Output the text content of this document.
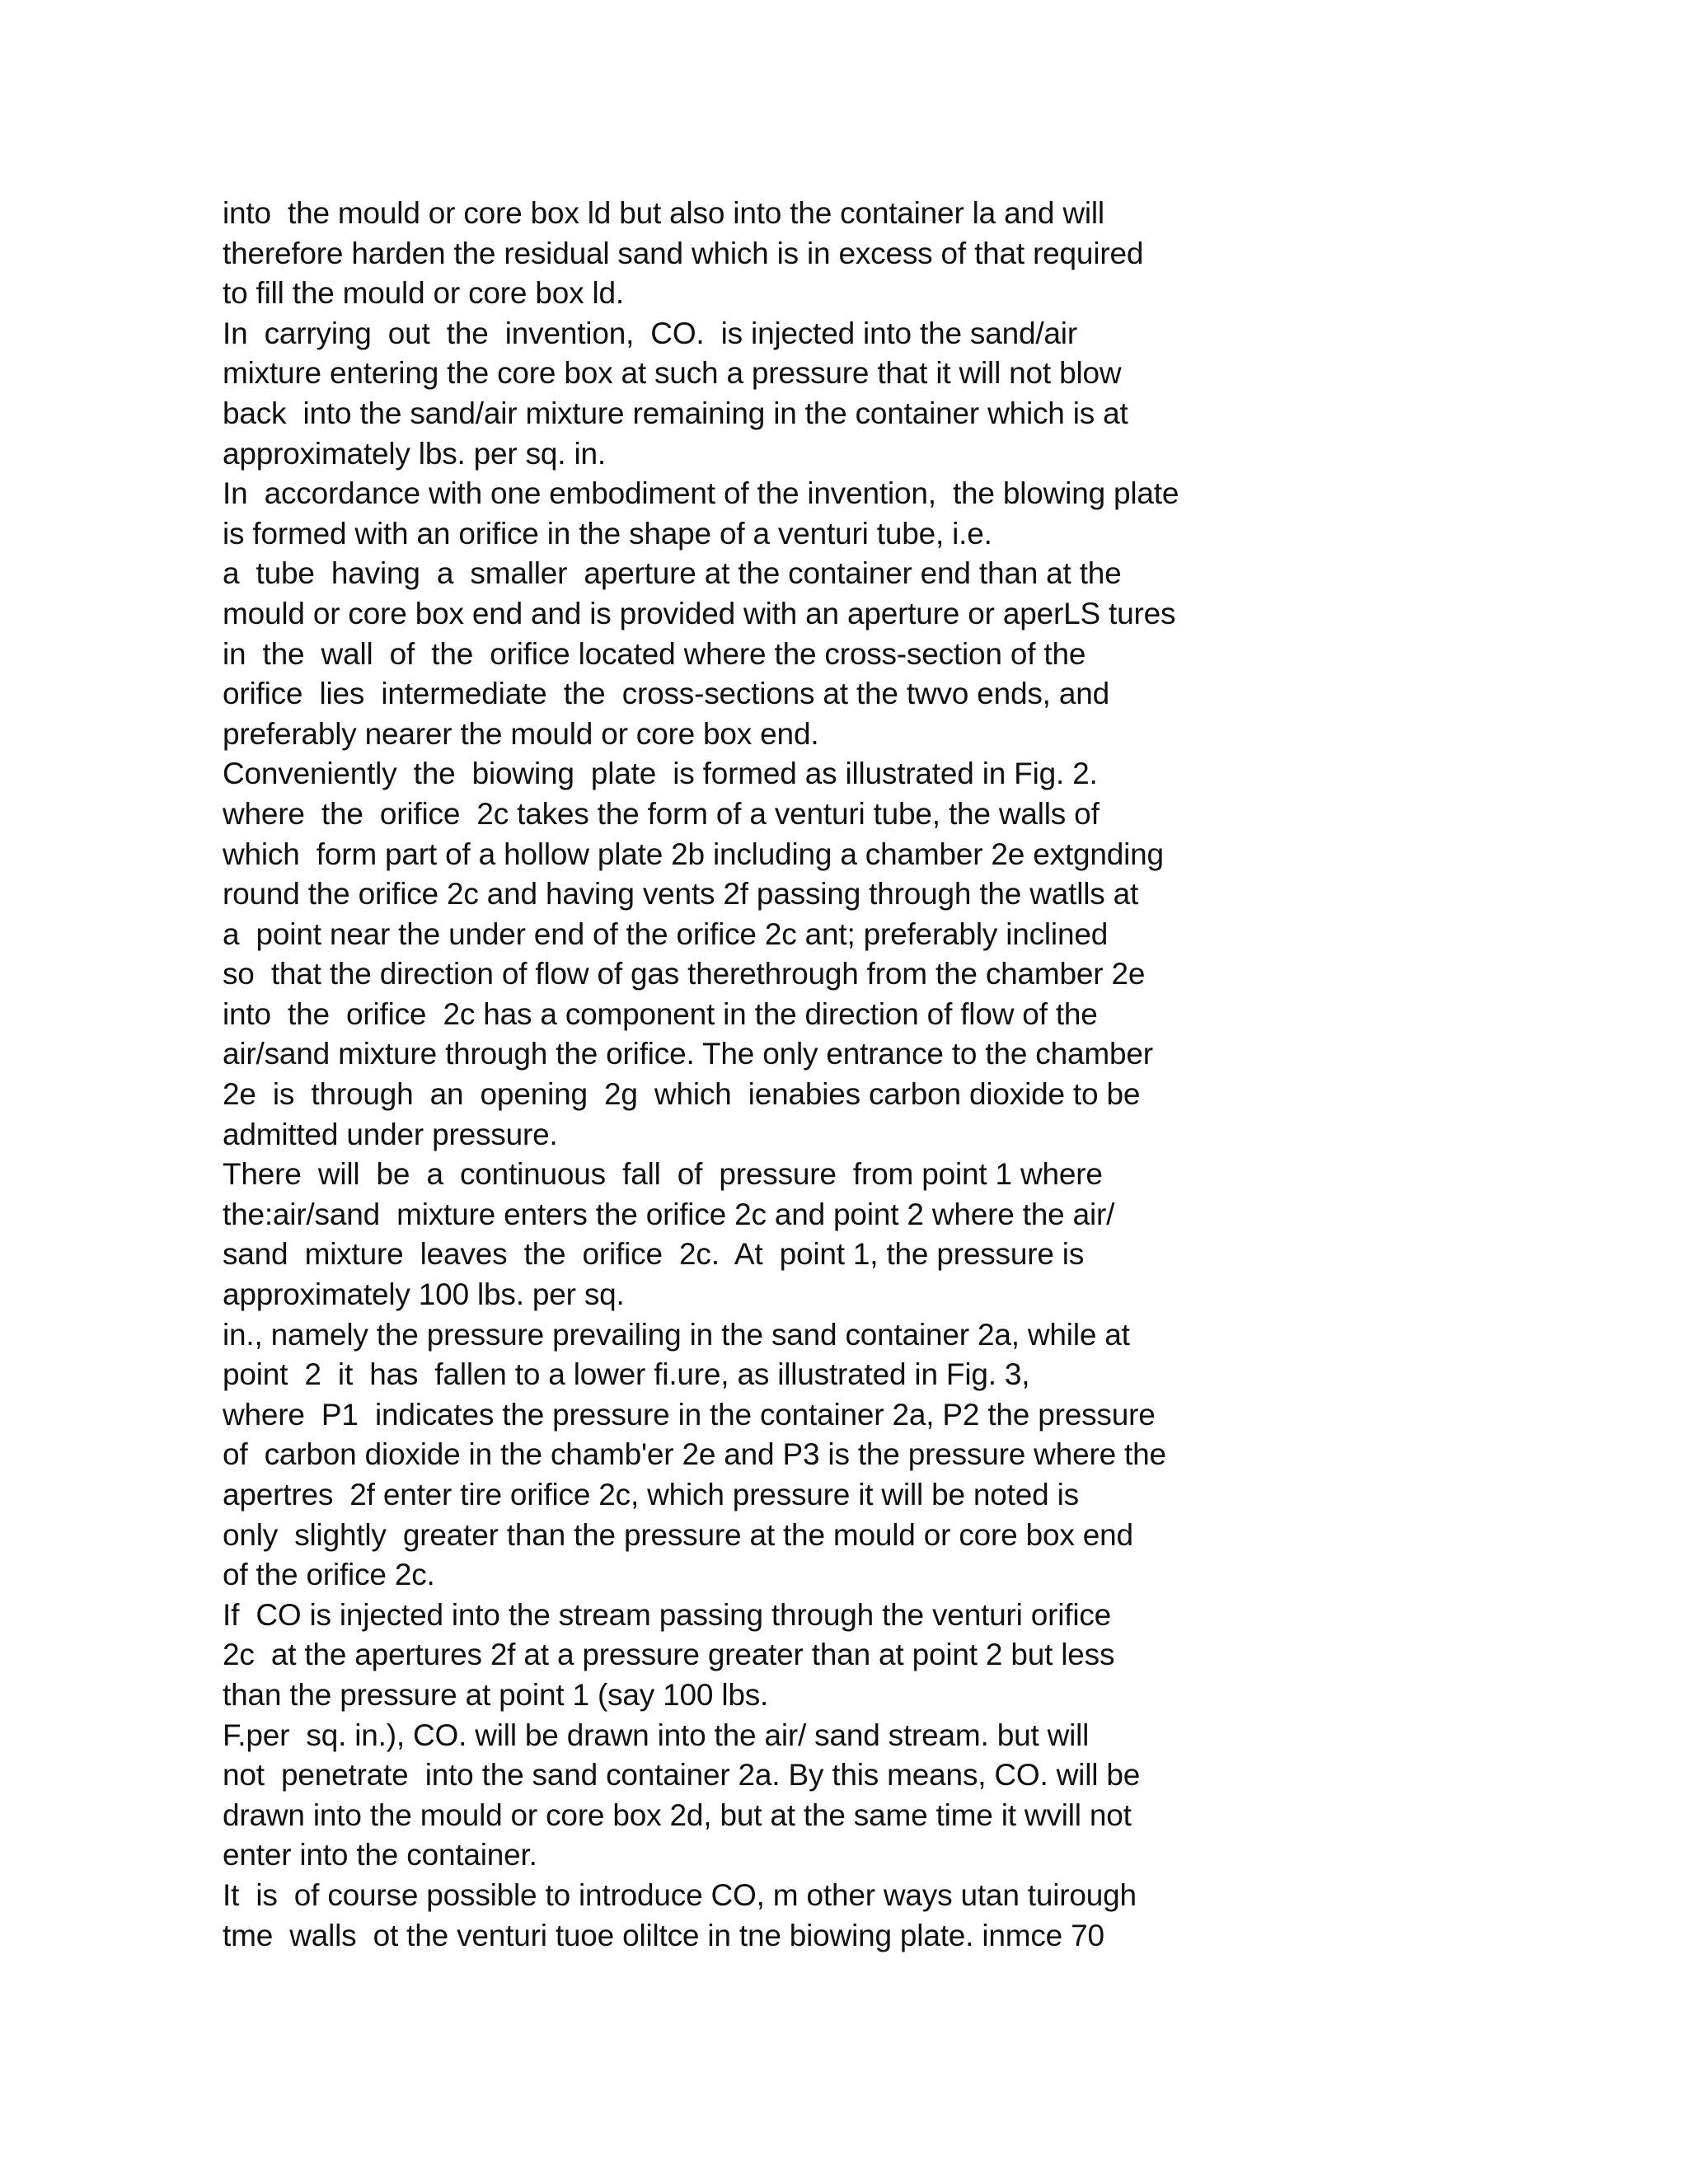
into  the mould or core box ld but also into the container la and will
therefore harden the residual sand which is in excess of that required
to fill the mould or core box ld.
In  carrying  out  the  invention,  CO.  is injected into the sand/air
mixture entering the core box at such a pressure that it will not blow
back  into the sand/air mixture remaining in the container which is at
approximately lbs. per sq. in.
In  accordance with one embodiment of the invention,  the blowing plate
is formed with an orifice in the shape of a venturi tube, i.e.
a  tube  having  a  smaller  aperture at the container end than at the
mould or core box end and is provided with an aperture or aperLS tures
in  the  wall  of  the  orifice located where the cross-section of the
orifice  lies  intermediate  the  cross-sections at the twvo ends, and
preferably nearer the mould or core box end.
Conveniently  the  biowing  plate  is formed as illustrated in Fig. 2.
where  the  orifice  2c takes the form of a venturi tube, the walls of
which  form part of a hollow plate 2b including a chamber 2e extgnding
round the orifice 2c and having vents 2f passing through the watlls at
a  point near the under end of the orifice 2c ant; preferably inclined
so  that the direction of flow of gas therethrough from the chamber 2e
into  the  orifice  2c has a component in the direction of flow of the
air/sand mixture through the orifice. The only entrance to the chamber
2e  is  through  an  opening  2g  which  ienabies carbon dioxide to be
admitted under pressure.
There  will  be  a  continuous  fall  of  pressure  from point 1 where
the:air/sand  mixture enters the orifice 2c and point 2 where the air/
sand  mixture  leaves  the  orifice  2c.  At  point 1, the pressure is
approximately 100 lbs. per sq.
in., namely the pressure prevailing in the sand container 2a, while at
point  2  it  has  fallen to a lower fi.ure, as illustrated in Fig. 3,
where  P1  indicates the pressure in the container 2a, P2 the pressure
of  carbon dioxide in the chamb'er 2e and P3 is the pressure where the
apertres  2f enter tire orifice 2c, which pressure it will be noted is
only  slightly  greater than the pressure at the mould or core box end
of the orifice 2c.
If  CO is injected into the stream passing through the venturi orifice
2c  at the apertures 2f at a pressure greater than at point 2 but less
than the pressure at point 1 (say 100 lbs.
F.per  sq. in.), CO. will be drawn into the air/ sand stream. but will
not  penetrate  into the sand container 2a. By this means, CO. will be
drawn into the mould or core box 2d, but at the same time it wvill not
enter into the container.
It  is  of course possible to introduce CO, m other ways utan tuirough
tme  walls  ot the venturi tuoe oliltce in tne biowing plate. inmce 70
